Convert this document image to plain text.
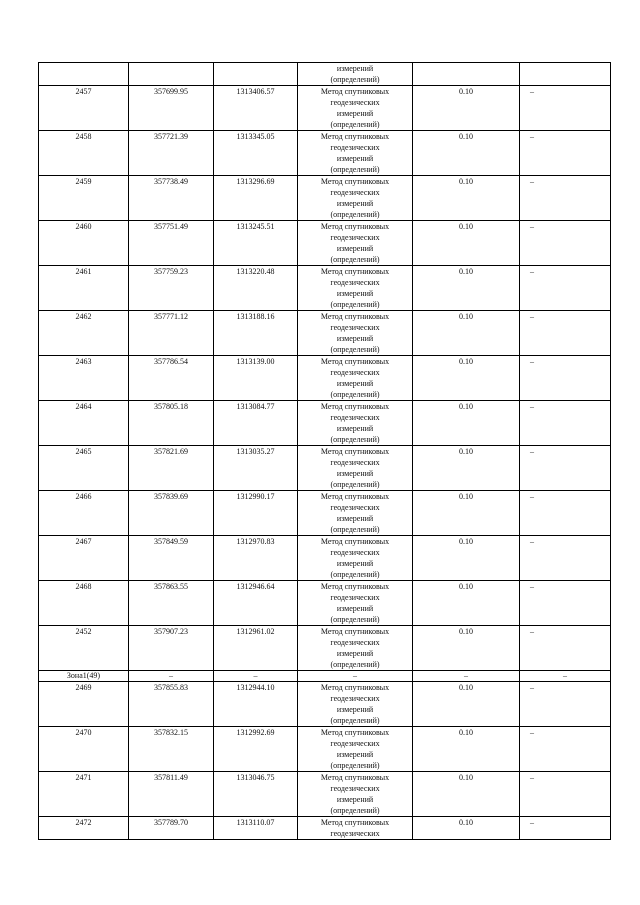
			измерений
(определений)		
2457	357699.95	1313406.57	Метод спутниковых
геодезических
измерений
(определений)	0.10	–
2458	357721.39	1313345.05	Метод спутниковых
геодезических
измерений
(определений)	0.10	–
2459	357738.49	1313296.69	Метод спутниковых
геодезических
измерений
(определений)	0.10	–
2460	357751.49	1313245.51	Метод спутниковых
геодезических
измерений
(определений)	0.10	–
2461	357759.23	1313220.48	Метод спутниковых
геодезических
измерений
(определений)	0.10	–
2462	357771.12	1313188.16	Метод спутниковых
геодезических
измерений
(определений)	0.10	–
2463	357786.54	1313139.00	Метод спутниковых
геодезических
измерений
(определений)	0.10	–
2464	357805.18	1313084.77	Метод спутниковых
геодезических
измерений
(определений)	0.10	–
2465	357821.69	1313035.27	Метод спутниковых
геодезических
измерений
(определений)	0.10	–
2466	357839.69	1312990.17	Метод спутниковых
геодезических
измерений
(определений)	0.10	–
2467	357849.59	1312970.83	Метод спутниковых
геодезических
измерений
(определений)	0.10	–
2468	357863.55	1312946.64	Метод спутниковых
геодезических
измерений
(определений)	0.10	–
2452	357907.23	1312961.02	Метод спутниковых
геодезических
измерений
(определений)	0.10	–
Зона1(49)	–	–	–	–	–
2469	357855.83	1312944.10	Метод спутниковых
геодезических
измерений
(определений)	0.10	–
2470	357832.15	1312992.69	Метод спутниковых
геодезических
измерений
(определений)	0.10	–
2471	357811.49	1313046.75	Метод спутниковых
геодезических
измерений
(определений)	0.10	–
2472	357789.70	1313110.07	Метод спутниковых
геодезических	0.10	–
